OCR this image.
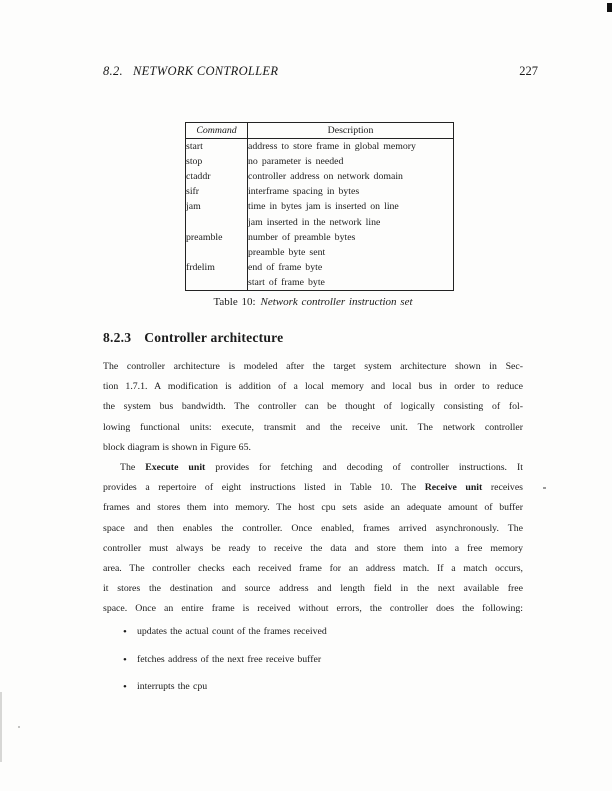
8.2. NETWORK CONTROLLER	227
Command	Description
start	address to store frame in global memory
stop	no parameter is needed
ctaddr	controller address on network domain
sifr	interframe spacing in bytes
jam	time in bytes jam is inserted on line
	jam inserted in the network line
preamble	number of preamble bytes
	preamble byte sent
frdelim	end of frame byte
	start of frame byte
Table 10: Network controller instruction set
8.2.3 Controller architecture
The controller architecture is modeled after the target system architecture shown in Sec-
tion 1.7.1. A modification is addition of a local memory and local bus in order to reduce
the system bus bandwidth. The controller can be thought of logically consisting of fol-
lowing functional units: execute, transmit and the receive unit. The network controller
block diagram is shown in Figure 65.
The Execute unit provides for fetching and decoding of controller instructions. It
provides a repertoire of eight instructions listed in Table 10. The Receive unit receives
frames and stores them into memory. The host cpu sets aside an adequate amount of buffer
space and then enables the controller. Once enabled, frames arrived asynchronously. The
controller must always be ready to receive the data and store them into a free memory
area. The controller checks each received frame for an address match. If a match occurs,
it stores the destination and source address and length field in the next available free
space. Once an entire frame is received without errors, the controller does the following:
• updates the actual count of the frames received
• fetches address of the next free receive buffer
• interrupts the cpu
